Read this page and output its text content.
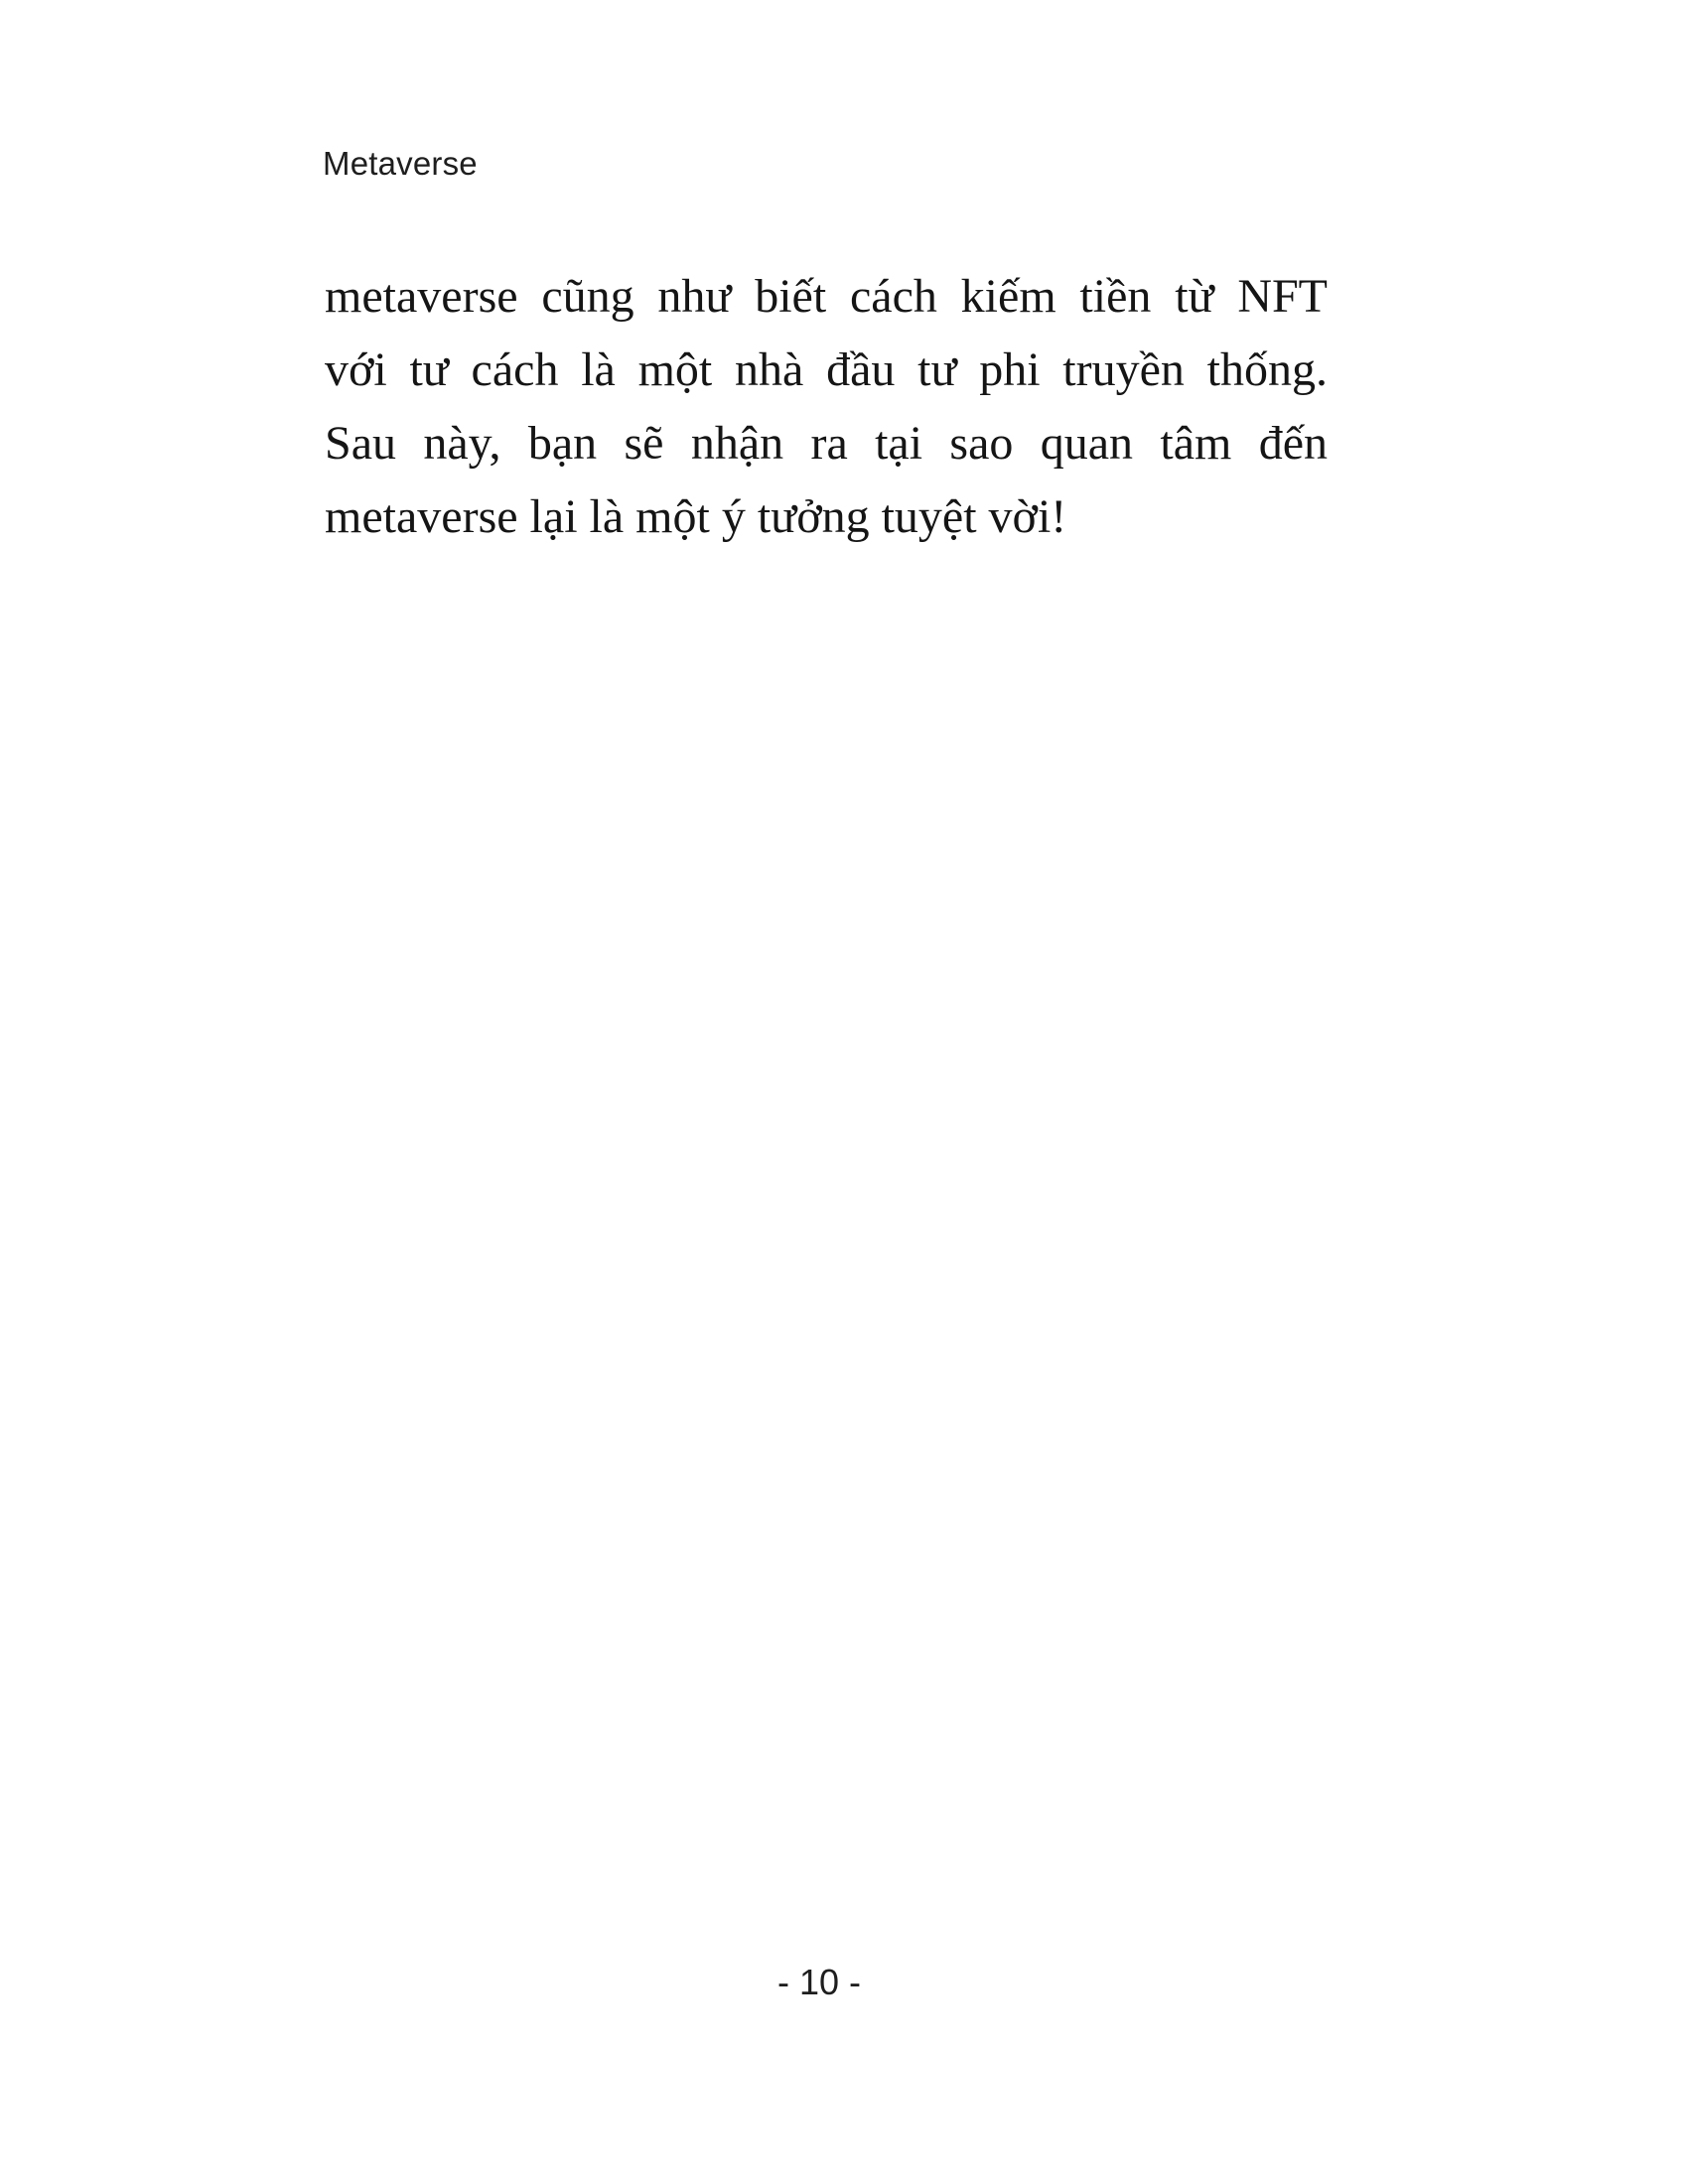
Metaverse

metaverse cũng như biết cách kiếm tiền từ NFT
với tư cách là một nhà đầu tư phi truyền thống.
Sau này, bạn sẽ nhận ra tại sao quan tâm đến
metaverse lại là một ý tưởng tuyệt vời!

- 10 -
